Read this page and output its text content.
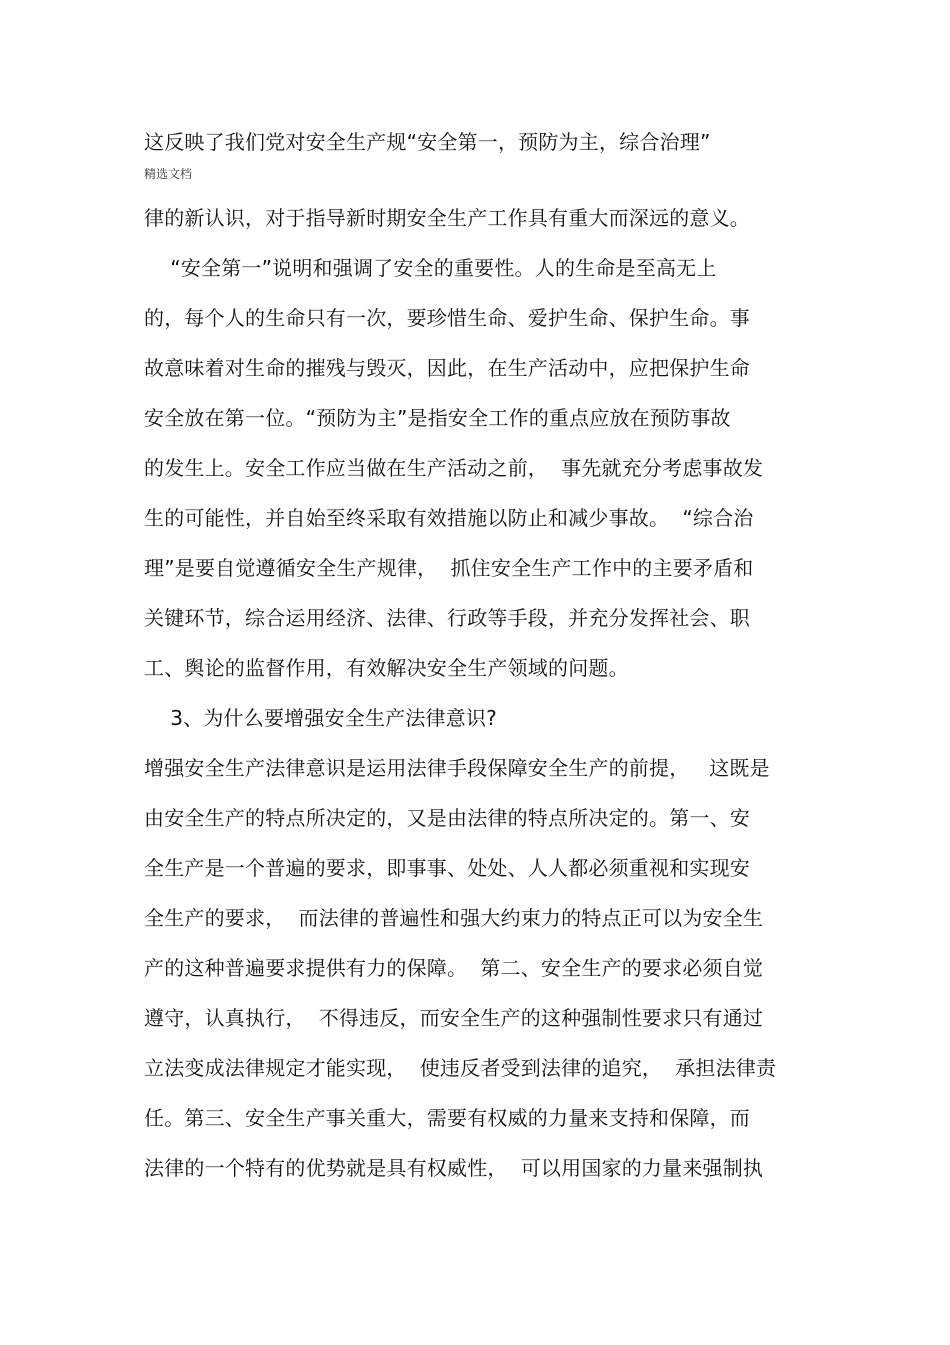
这反映了我们党对安全生产规“安全第一，预防为主，综合治理”
精选文档
律的新认识，对于指导新时期安全生产工作具有重大而深远的意义。
“安全第一”说明和强调了安全的重要性。人的生命是至高无上
的，每个人的生命只有一次，要珍惜生命、爱护生命、保护生命。事
故意味着对生命的摧残与毁灭，因此，在生产活动中，应把保护生命
安全放在第一位。“预防为主”是指安全工作的重点应放在预防事故
的发生上。安全工作应当做在生产活动之前，  事先就充分考虑事故发
生的可能性，并自始至终采取有效措施以防止和减少事故。  “综合治
理”是要自觉遵循安全生产规律，  抓住安全生产工作中的主要矛盾和
关键环节，综合运用经济、法律、行政等手段，并充分发挥社会、职
工、舆论的监督作用，有效解决安全生产领域的问题。
3、为什么要增强安全生产法律意识?
增强安全生产法律意识是运用法律手段保障安全生产的前提，   这既是
由安全生产的特点所决定的，又是由法律的特点所决定的。第一、安
全生产是一个普遍的要求，即事事、处处、人人都必须重视和实现安
全生产的要求，  而法律的普遍性和强大约束力的特点正可以为安全生
产的这种普遍要求提供有力的保障。  第二、安全生产的要求必须自觉
遵守，认真执行，  不得违反，而安全生产的这种强制性要求只有通过
立法变成法律规定才能实现，  使违反者受到法律的追究，  承担法律责
任。第三、安全生产事关重大，需要有权威的力量来支持和保障，而
法律的一个特有的优势就是具有权威性，  可以用国家的力量来强制执
